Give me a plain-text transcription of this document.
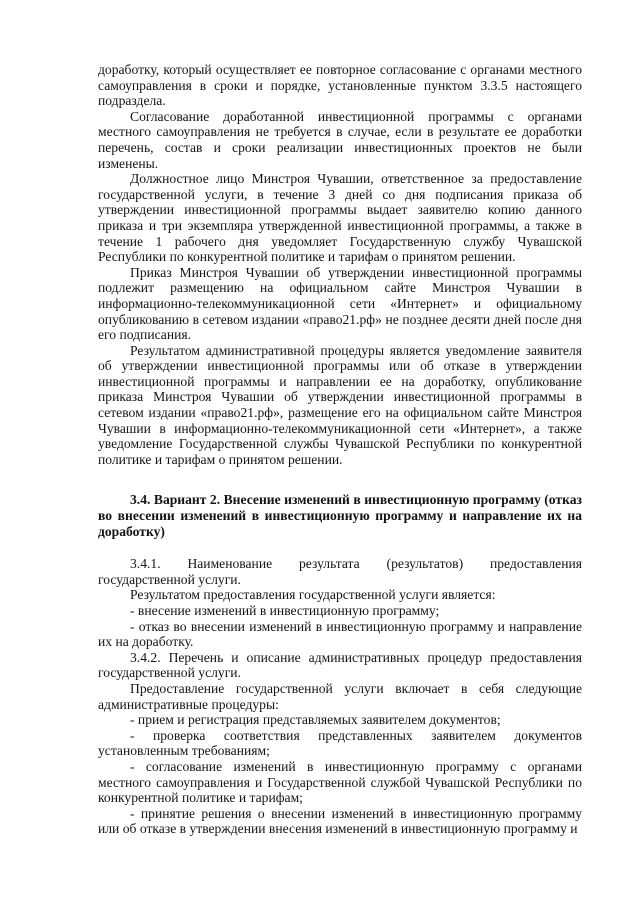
доработку, который осуществляет ее повторное согласование с органами местного самоуправления в сроки и порядке, установленные пунктом 3.3.5 настоящего подраздела.

Согласование доработанной инвестиционной программы с органами местного самоуправления не требуется в случае, если в результате ее доработки перечень, состав и сроки реализации инвестиционных проектов не были изменены.

Должностное лицо Минстроя Чувашии, ответственное за предоставление государственной услуги, в течение 3 дней со дня подписания приказа об утверждении инвестиционной программы выдает заявителю копию данного приказа и три экземпляра утвержденной инвестиционной программы, а также в течение 1 рабочего дня уведомляет Государственную службу Чувашской Республики по конкурентной политике и тарифам о принятом решении.

Приказ Минстроя Чувашии об утверждении инвестиционной программы подлежит размещению на официальном сайте Минстроя Чувашии в информационно-телекоммуникационной сети «Интернет» и официальному опубликованию в сетевом издании «право21.рф» не позднее десяти дней после дня его подписания.

Результатом административной процедуры является уведомление заявителя об утверждении инвестиционной программы или об отказе в утверждении инвестиционной программы и направлении ее на доработку, опубликование приказа Минстроя Чувашии об утверждении инвестиционной программы в сетевом издании «право21.рф», размещение его на официальном сайте Минстроя Чувашии в информационно-телекоммуникационной сети «Интернет», а также уведомление Государственной службы Чувашской Республики по конкурентной политике и тарифам о принятом решении.

3.4. Вариант 2. Внесение изменений в инвестиционную программу (отказ во внесении изменений в инвестиционную программу и направление их на доработку)

3.4.1. Наименование результата (результатов) предоставления государственной услуги.

Результатом предоставления государственной услуги является:

- внесение изменений в инвестиционную программу;

- отказ во внесении изменений в инвестиционную программу и направление их на доработку.

3.4.2. Перечень и описание административных процедур предоставления государственной услуги.

Предоставление государственной услуги включает в себя следующие административные процедуры:

- прием и регистрация представляемых заявителем документов;

- проверка соответствия представленных заявителем документов установленным требованиям;

- согласование изменений в инвестиционную программу с органами местного самоуправления и Государственной службой Чувашской Республики по конкурентной политике и тарифам;

- принятие решения о внесении изменений в инвестиционную программу или об отказе в утверждении внесения изменений в инвестиционную программу и
